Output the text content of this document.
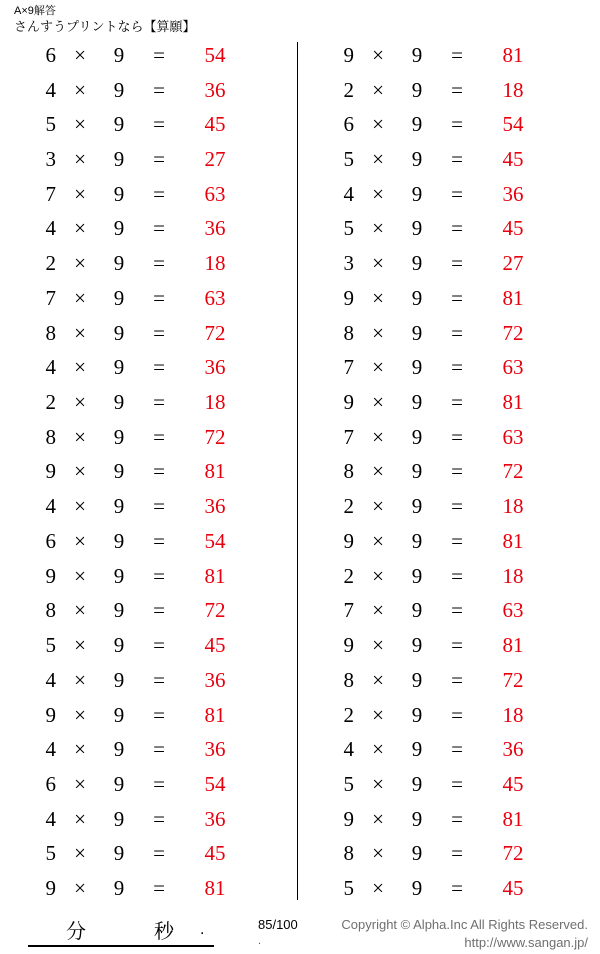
A×9解答
さんすうプリントなら【算願】
6 ×	9	=	54
4 ×	9	=	36
5 ×	9	=	45
3 ×	9	=	27
7 ×	9	=	63
4 ×	9	=	36
2 ×	9	=	18
7 ×	9	=	63
8 ×	9	=	72
4 ×	9	=	36
2 ×	9	=	18
8 ×	9	=	72
9 ×	9	=	81
4 ×	9	=	36
6 ×	9	=	54
9 ×	9	=	81
8 ×	9	=	72
5 ×	9	=	45
4 ×	9	=	36
9 ×	9	=	81
4 ×	9	=	36
6 ×	9	=	54
4 ×	9	=	36
5 ×	9	=	45
9 ×	9	=	81
9 ×	9	=	81
2 ×	9	=	18
6 ×	9	=	54
5 ×	9	=	45
4 ×	9	=	36
5 ×	9	=	45
3 ×	9	=	27
9 ×	9	=	81
8 ×	9	=	72
7 ×	9	=	63
9 ×	9	=	81
7 ×	9	=	63
8 ×	9	=	72
2 ×	9	=	18
9 ×	9	=	81
2 ×	9	=	18
7 ×	9	=	63
9 ×	9	=	81
8 ×	9	=	72
2 ×	9	=	18
4 ×	9	=	36
5 ×	9	=	45
9 ×	9	=	81
8 ×	9	=	72
5 ×	9	=	45
分	秒 .	85/100
.
Copyright © Alpha.Inc All Rights Reserved.
http://www.sangan.jp/
